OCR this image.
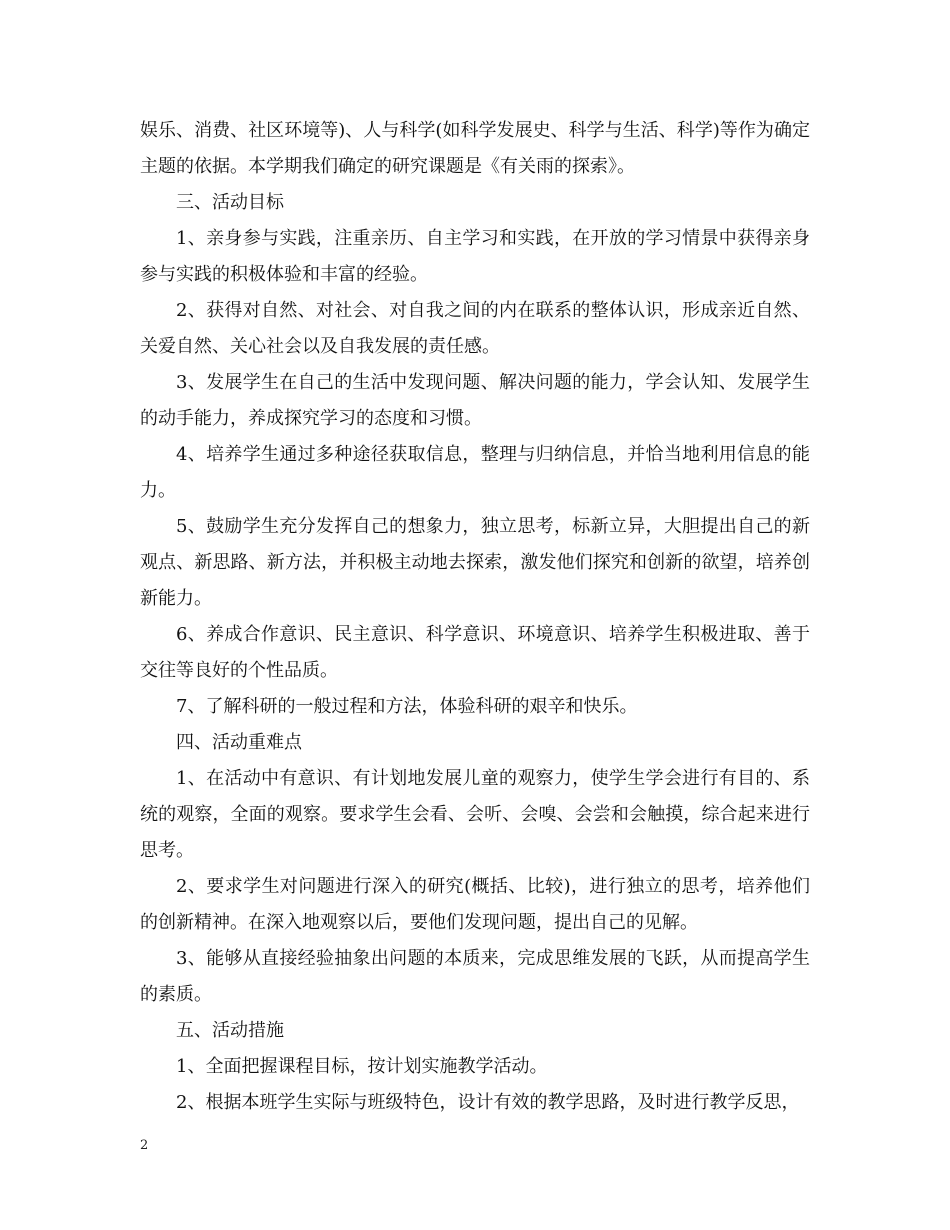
娱乐、消费、社区环境等)、人与科学(如科学发展史、科学与生活、科学)等作为确定主题的依据。本学期我们确定的研究课题是《有关雨的探索》。

三、活动目标

1、亲身参与实践，注重亲历、自主学习和实践，在开放的学习情景中获得亲身参与实践的积极体验和丰富的经验。

2、获得对自然、对社会、对自我之间的内在联系的整体认识，形成亲近自然、关爱自然、关心社会以及自我发展的责任感。

3、发展学生在自己的生活中发现问题、解决问题的能力，学会认知、发展学生的动手能力，养成探究学习的态度和习惯。

4、培养学生通过多种途径获取信息，整理与归纳信息，并恰当地利用信息的能力。

5、鼓励学生充分发挥自己的想象力，独立思考，标新立异，大胆提出自己的新观点、新思路、新方法，并积极主动地去探索，激发他们探究和创新的欲望，培养创新能力。

6、养成合作意识、民主意识、科学意识、环境意识、培养学生积极进取、善于交往等良好的个性品质。

7、了解科研的一般过程和方法，体验科研的艰辛和快乐。

四、活动重难点

1、在活动中有意识、有计划地发展儿童的观察力，使学生学会进行有目的、系统的观察，全面的观察。要求学生会看、会听、会嗅、会尝和会触摸，综合起来进行思考。

2、要求学生对问题进行深入的研究(概括、比较)，进行独立的思考，培养他们的创新精神。在深入地观察以后，要他们发现问题，提出自己的见解。

3、能够从直接经验抽象出问题的本质来，完成思维发展的飞跃，从而提高学生的素质。

五、活动措施

1、全面把握课程目标，按计划实施教学活动。

2、根据本班学生实际与班级特色，设计有效的教学思路，及时进行教学反思，

2
